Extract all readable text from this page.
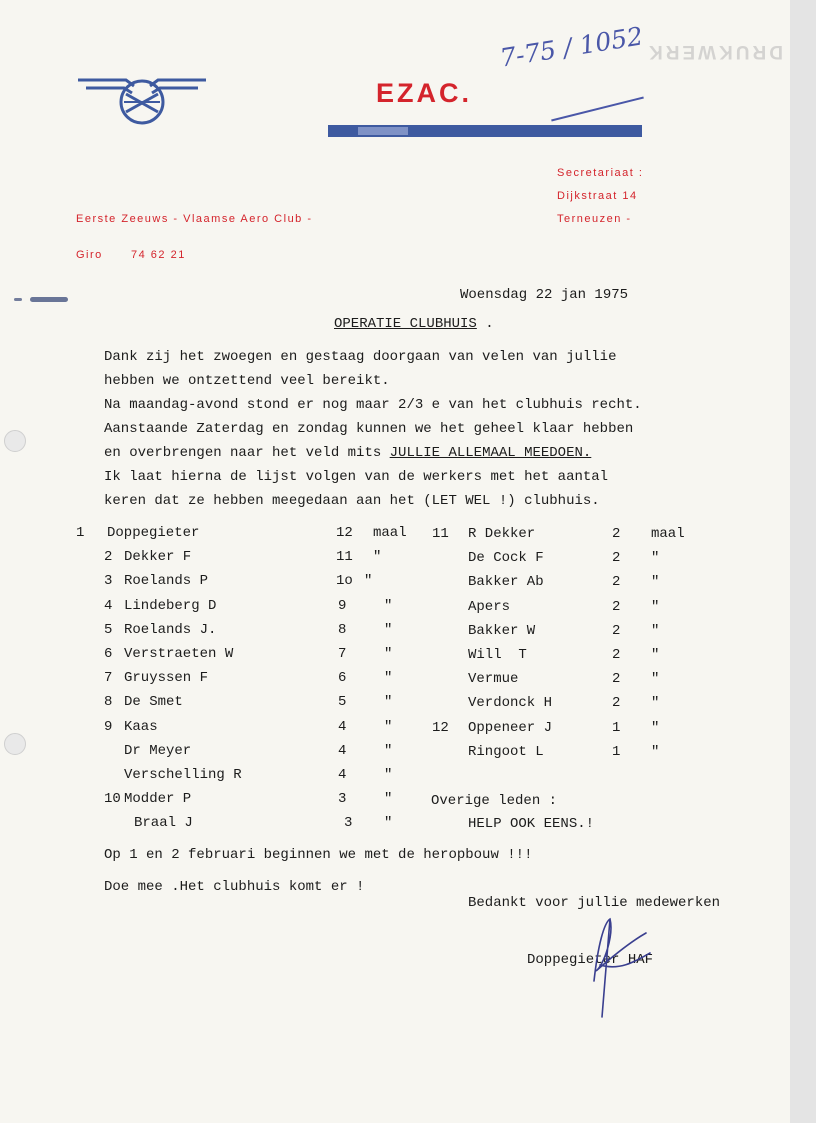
EZAC.
7-75 / 1052 DRUKWERK
Secretariaat :
Dijkstraat 14
Terneuzen -
Eerste Zeeuws - Vlaamse Aero Club -
Giro	74 62 21
Woensdag 22 jan 1975
OPERATIE CLUBHUIS .
Dank zij het zwoegen en gestaag doorgaan van velen van jullie
hebben we ontzettend veel bereikt.
Na maandag-avond stond er nog maar 2/3 e van het clubhuis recht.
Aanstaande Zaterdag en zondag kunnen we het geheel klaar hebben
en overbrengen naar het veld mits JULLIE ALLEMAAL MEEDOEN.
Ik laat hierna de lijst volgen van de werkers met het aantal
keren dat ze hebben meegedaan aan het (LET WEL !) clubhuis.
1 Doppegieter	12 maal
2 Dekker F	11 "
3 Roelands P	1o "
4 Lindeberg D	9	"
5 Roelands J.	8	"
6 Verstraeten W	7	"
7 Gruyssen F	6	"
8 De Smet	5	"
9 Kaas	4	"
Dr Meyer	4	"
Verschelling R	4	"
10 Modder P	3	"
Braal J	3 "
11 R Dekker	2 maal
De Cock F	2 "
Bakker Ab	2 "
Apers	2 "
Bakker W	2 "
Will  T	2 "
Vermue	2 "
Verdonck H	2 "
12 Oppeneer J	1 "
Ringoot L	1 "
Overige leden :
HELP OOK EENS.!
Op 1 en 2 februari beginnen we met de heropbouw !!!
Doe mee .Het clubhuis komt er !
Bedankt voor jullie medewerken
Doppegieter HAF
